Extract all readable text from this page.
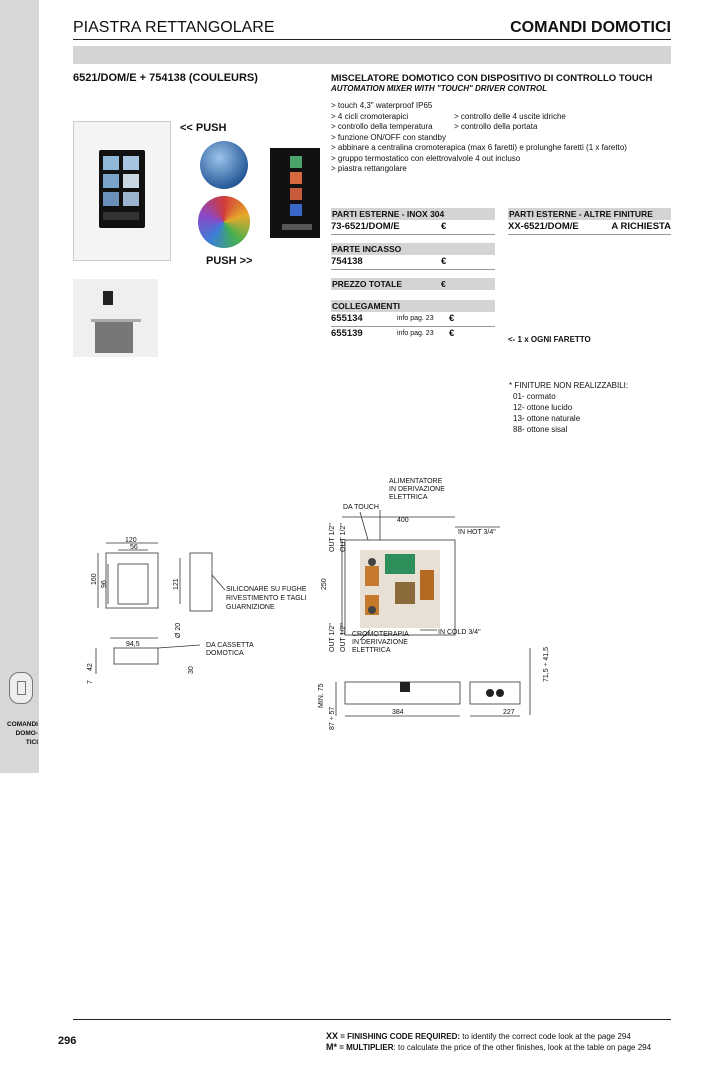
COMANDI DOMO- TICI
PIASTRA RETTANGOLARE	COMANDI DOMOTICI
6521/DOM/E + 754138 (COULEURS)	MISCELATORE DOMOTICO CON DISPOSITIVO DI CONTROLLO TOUCH
AUTOMATION MIXER WITH "TOUCH" DRIVER CONTROL
> touch 4,3" waterproof IP65
> 4 cicli cromoterapici	> controllo delle 4 uscite idriche
> controllo della temperatura	> controllo della portata
> funzione ON/OFF con standby
> abbinare a centralina cromoterapica (max 6 faretti) e prolunghe faretti (1 x faretto)
> gruppo termostatico con elettrovalvole 4 out incluso
> piastra rettangolare
<< PUSH
PUSH >>
PARTI ESTERNE - INOX 304
73-6521/DOM/E	€
PARTE INCASSO
754138	€
PREZZO TOTALE	€
COLLEGAMENTI
655134	info pag. 23 €
655139	info pag. 23 €
PARTI ESTERNE - ALTRE FINITURE
XX-6521/DOM/E	A RICHIESTA
<- 1 x OGNI FARETTO
* FINITURE NON REALIZZABILI:
01- cormato
12- ottone lucido
13- ottone naturale
88- ottone sisal
120
56
160 96	121	SILICONARE SU FUGHE
RIVESTIMENTO E TAGLI
GUARNIZIONE
94,5
Ø 20
30
7
42
DA CASSETTA
DOMOTICA
ALIMENTATORE
IN DERIVAZIONE
ELETTRICA
DA TOUCH
400
IN HOT 3/4"
OUT 1/2" OUT 1/2"
250
OUT 1/2" OUT 1/2" CROMOTERAPIA
IN DERIVAZIONE
ELETTRICA
IN COLD 3/4"
71,5 ÷ 41,5
MIN. 75
87 ÷ 57	384	227
296	XX = FINISHING CODE REQUIRED: to identify the correct code look at the page 294
M* = MULTIPLIER: to calculate the price of the other finishes, look at the table on page 294
